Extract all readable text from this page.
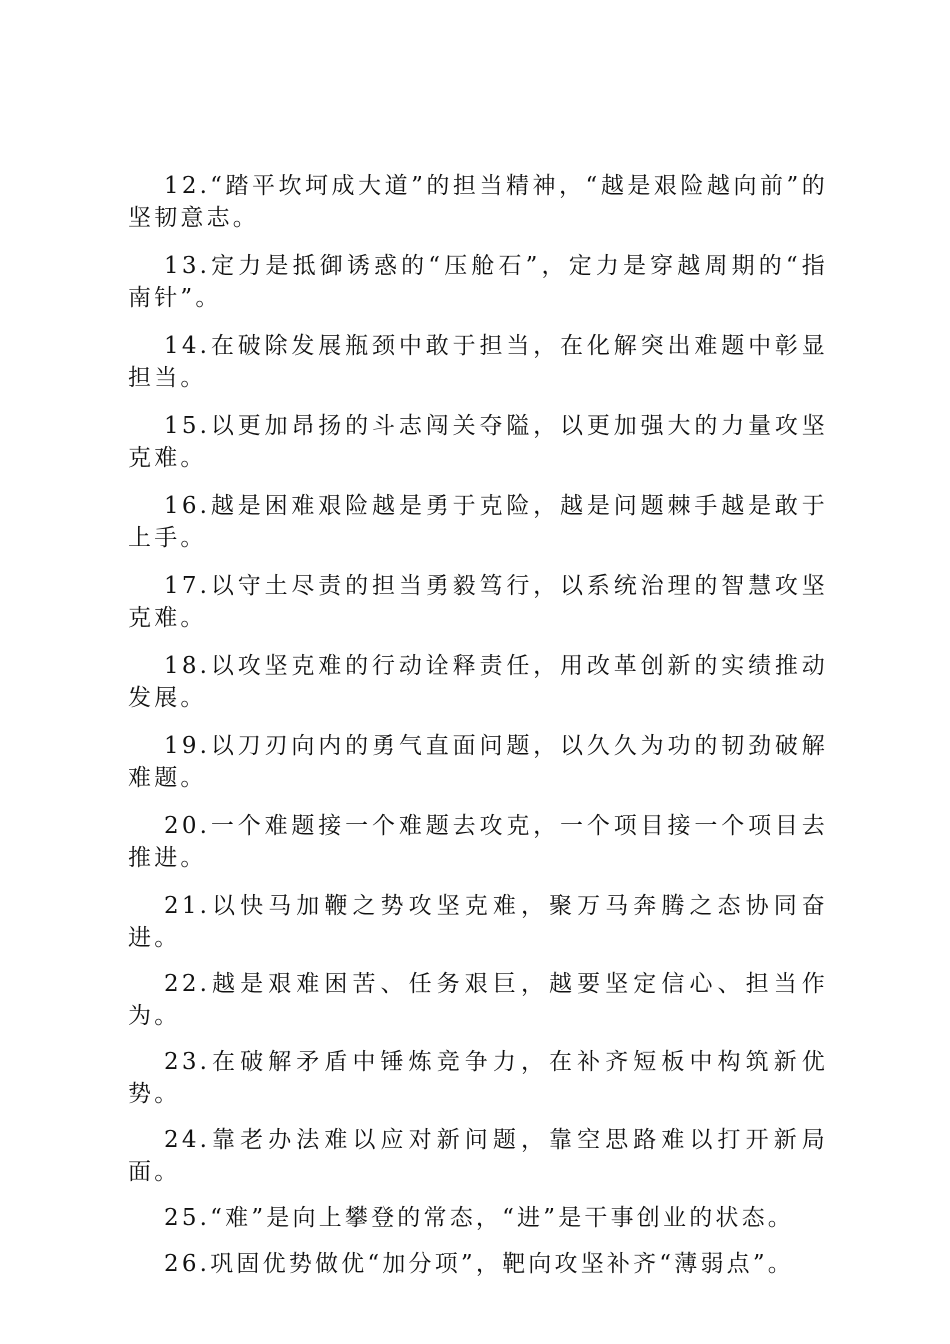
12.“踏平坎坷成大道”的担当精神，“越是艰险越向前”的坚韧意志。

13.定力是抵御诱惑的“压舱石”，定力是穿越周期的“指南针”。

14.在破除发展瓶颈中敢于担当，在化解突出难题中彰显担当。

15.以更加昂扬的斗志闯关夺隘，以更加强大的力量攻坚克难。

16.越是困难艰险越是勇于克险，越是问题棘手越是敢于上手。

17.以守土尽责的担当勇毅笃行，以系统治理的智慧攻坚克难。

18.以攻坚克难的行动诠释责任，用改革创新的实绩推动发展。

19.以刀刃向内的勇气直面问题，以久久为功的韧劲破解难题。

20.一个难题接一个难题去攻克，一个项目接一个项目去推进。

21.以快马加鞭之势攻坚克难，聚万马奔腾之态协同奋进。

22.越是艰难困苦、任务艰巨，越要坚定信心、担当作为。

23.在破解矛盾中锤炼竞争力，在补齐短板中构筑新优势。

24.靠老办法难以应对新问题，靠空思路难以打开新局面。

25.“难”是向上攀登的常态，“进”是干事创业的状态。

26.巩固优势做优“加分项”，靶向攻坚补齐“薄弱点”。
